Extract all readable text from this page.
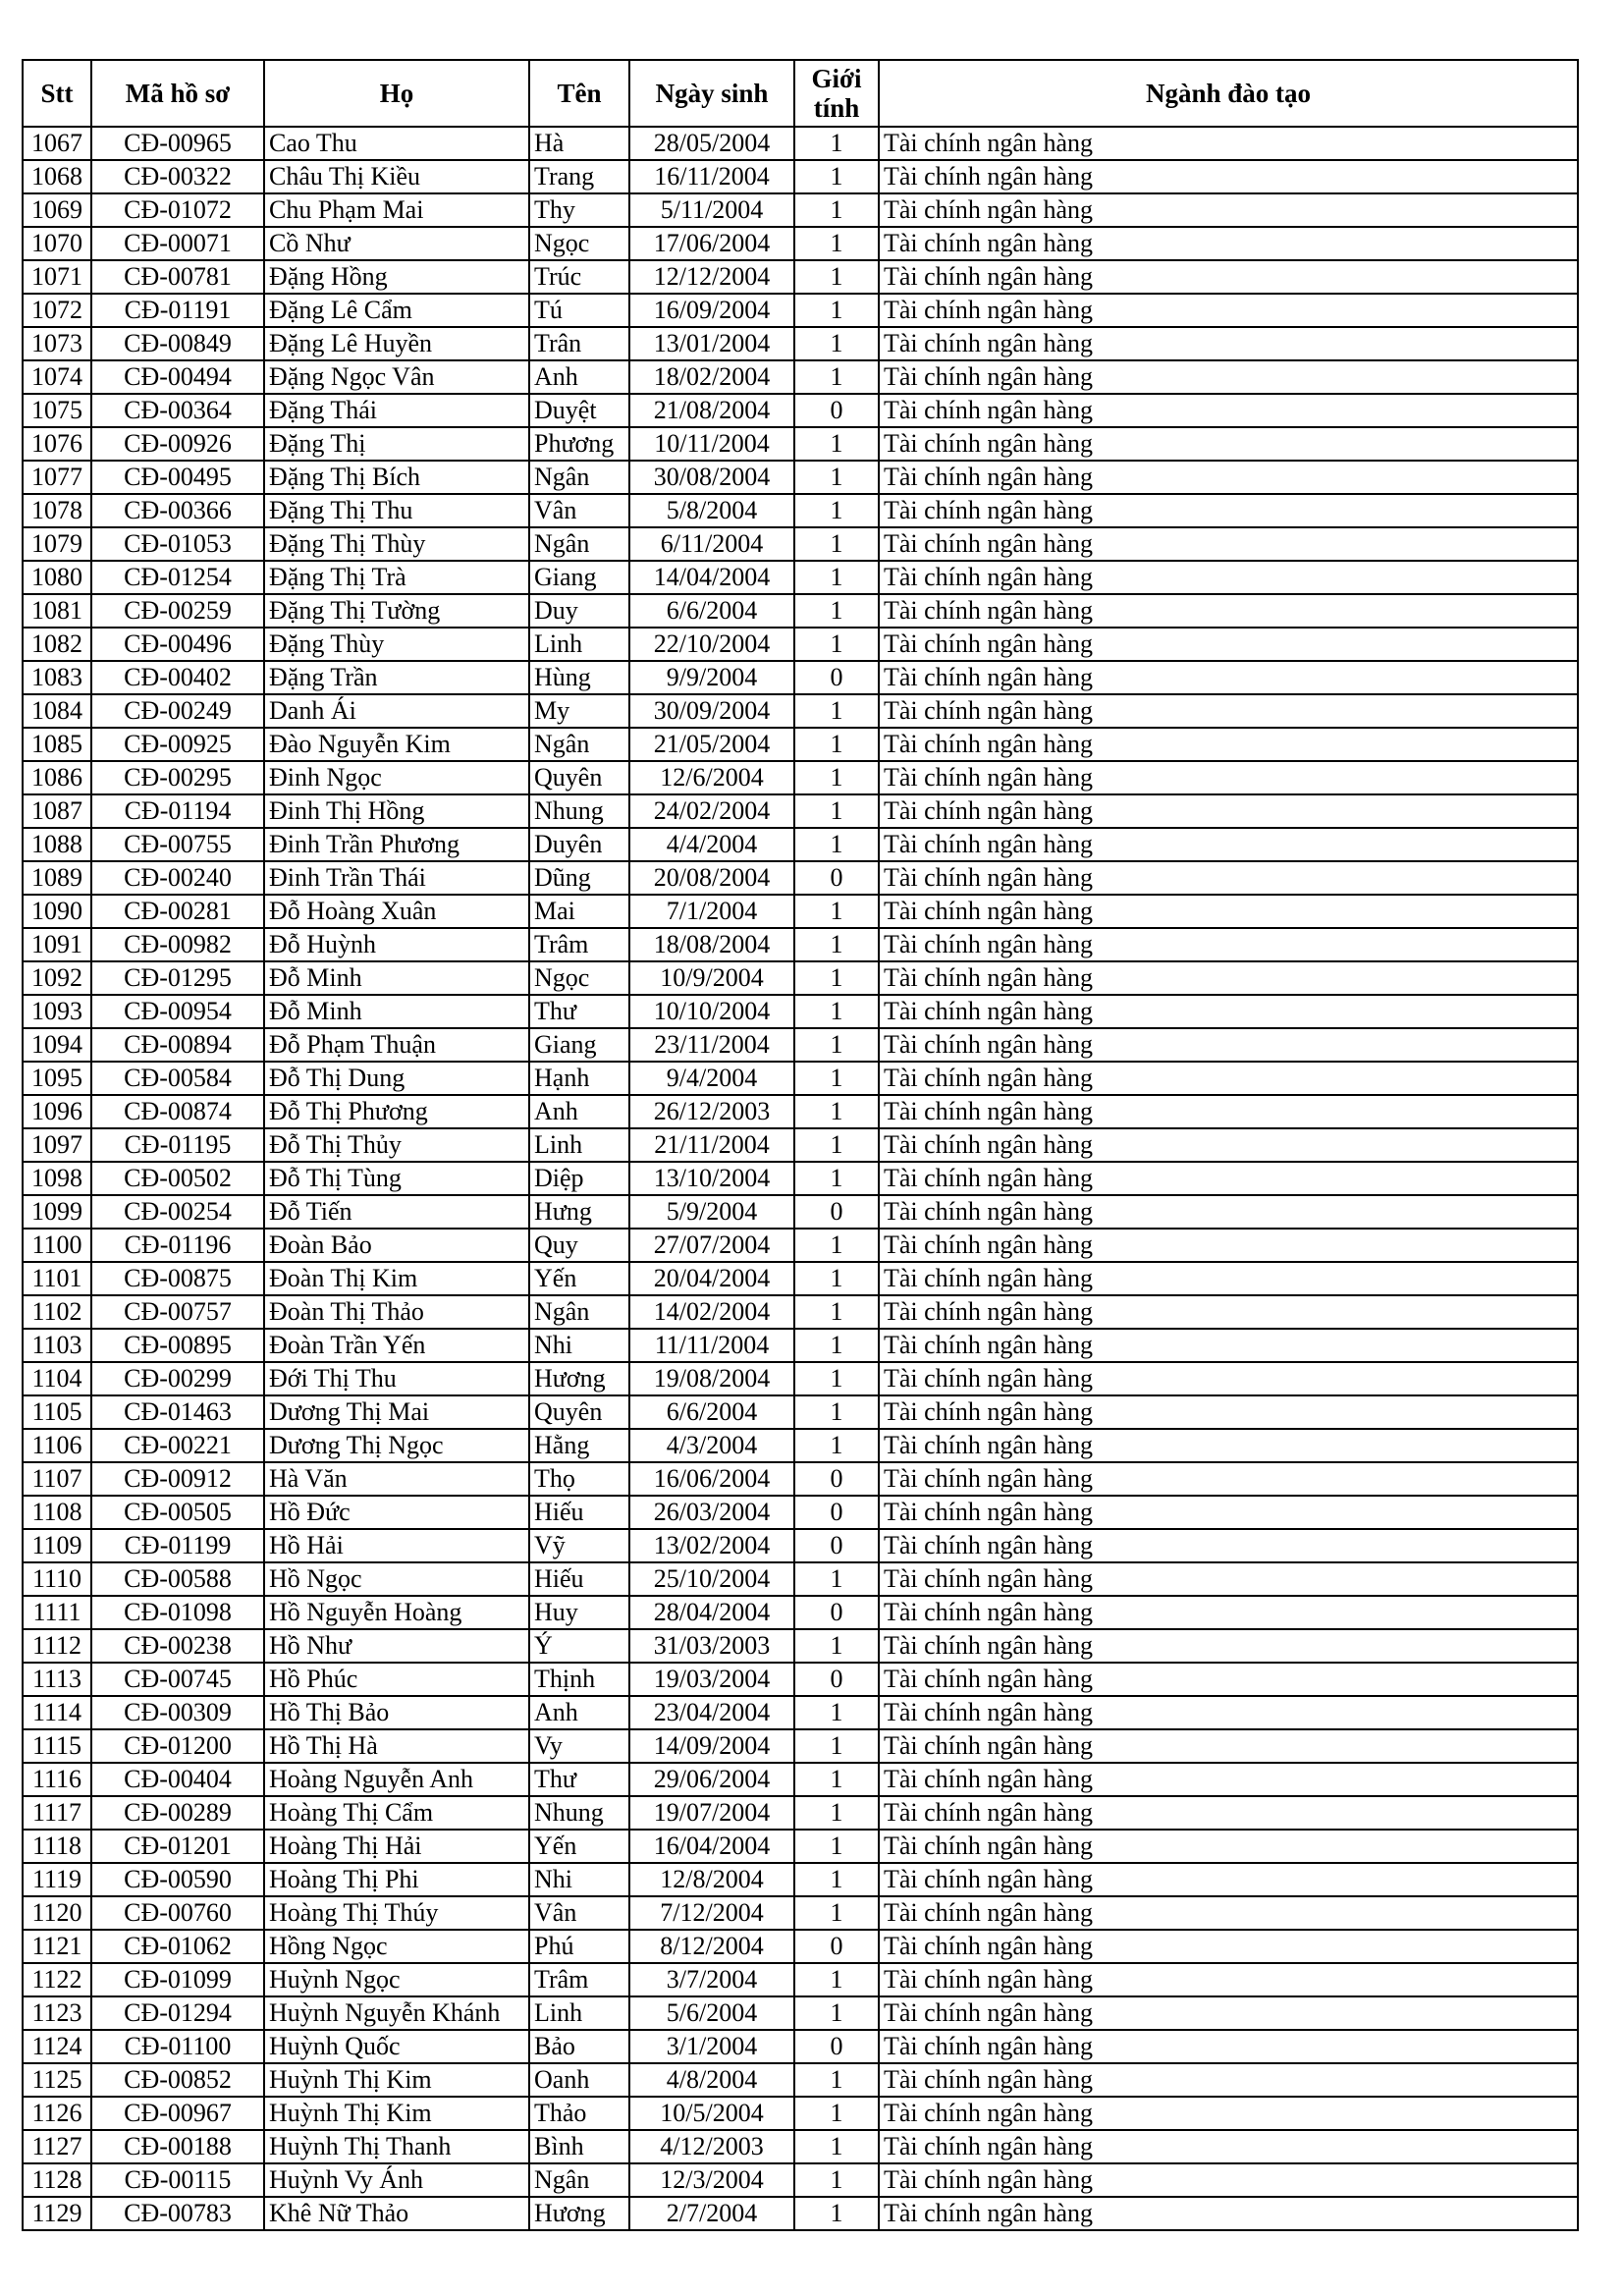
Stt	Mã hồ sơ	Họ	Tên	Ngày sinh	Giới tính	Ngành đào tạo
1067	CĐ-00965	Cao Thu	Hà	28/05/2004	1	Tài chính ngân hàng
1068	CĐ-00322	Châu Thị Kiều	Trang	16/11/2004	1	Tài chính ngân hàng
1069	CĐ-01072	Chu Phạm Mai	Thy	5/11/2004	1	Tài chính ngân hàng
1070	CĐ-00071	Cồ Như	Ngọc	17/06/2004	1	Tài chính ngân hàng
1071	CĐ-00781	Đặng Hồng	Trúc	12/12/2004	1	Tài chính ngân hàng
1072	CĐ-01191	Đặng Lê Cẩm	Tú	16/09/2004	1	Tài chính ngân hàng
1073	CĐ-00849	Đặng Lê Huyền	Trân	13/01/2004	1	Tài chính ngân hàng
1074	CĐ-00494	Đặng Ngọc Vân	Anh	18/02/2004	1	Tài chính ngân hàng
1075	CĐ-00364	Đặng Thái	Duyệt	21/08/2004	0	Tài chính ngân hàng
1076	CĐ-00926	Đặng Thị	Phương	10/11/2004	1	Tài chính ngân hàng
1077	CĐ-00495	Đặng Thị Bích	Ngân	30/08/2004	1	Tài chính ngân hàng
1078	CĐ-00366	Đặng Thị Thu	Vân	5/8/2004	1	Tài chính ngân hàng
1079	CĐ-01053	Đặng Thị Thùy	Ngân	6/11/2004	1	Tài chính ngân hàng
1080	CĐ-01254	Đặng Thị Trà	Giang	14/04/2004	1	Tài chính ngân hàng
1081	CĐ-00259	Đặng Thị Tường	Duy	6/6/2004	1	Tài chính ngân hàng
1082	CĐ-00496	Đặng Thùy	Linh	22/10/2004	1	Tài chính ngân hàng
1083	CĐ-00402	Đặng Trần	Hùng	9/9/2004	0	Tài chính ngân hàng
1084	CĐ-00249	Danh Ái	My	30/09/2004	1	Tài chính ngân hàng
1085	CĐ-00925	Đào Nguyễn Kim	Ngân	21/05/2004	1	Tài chính ngân hàng
1086	CĐ-00295	Đinh Ngọc	Quyên	12/6/2004	1	Tài chính ngân hàng
1087	CĐ-01194	Đinh Thị Hồng	Nhung	24/02/2004	1	Tài chính ngân hàng
1088	CĐ-00755	Đinh Trần Phương	Duyên	4/4/2004	1	Tài chính ngân hàng
1089	CĐ-00240	Đinh Trần Thái	Dũng	20/08/2004	0	Tài chính ngân hàng
1090	CĐ-00281	Đỗ Hoàng Xuân	Mai	7/1/2004	1	Tài chính ngân hàng
1091	CĐ-00982	Đỗ Huỳnh	Trâm	18/08/2004	1	Tài chính ngân hàng
1092	CĐ-01295	Đỗ Minh	Ngọc	10/9/2004	1	Tài chính ngân hàng
1093	CĐ-00954	Đỗ Minh	Thư	10/10/2004	1	Tài chính ngân hàng
1094	CĐ-00894	Đỗ Phạm Thuận	Giang	23/11/2004	1	Tài chính ngân hàng
1095	CĐ-00584	Đỗ Thị Dung	Hạnh	9/4/2004	1	Tài chính ngân hàng
1096	CĐ-00874	Đỗ Thị Phương	Anh	26/12/2003	1	Tài chính ngân hàng
1097	CĐ-01195	Đỗ Thị Thủy	Linh	21/11/2004	1	Tài chính ngân hàng
1098	CĐ-00502	Đỗ Thị Tùng	Diệp	13/10/2004	1	Tài chính ngân hàng
1099	CĐ-00254	Đỗ Tiến	Hưng	5/9/2004	0	Tài chính ngân hàng
1100	CĐ-01196	Đoàn Bảo	Quy	27/07/2004	1	Tài chính ngân hàng
1101	CĐ-00875	Đoàn Thị Kim	Yến	20/04/2004	1	Tài chính ngân hàng
1102	CĐ-00757	Đoàn Thị Thảo	Ngân	14/02/2004	1	Tài chính ngân hàng
1103	CĐ-00895	Đoàn Trần Yến	Nhi	11/11/2004	1	Tài chính ngân hàng
1104	CĐ-00299	Đới Thị Thu	Hương	19/08/2004	1	Tài chính ngân hàng
1105	CĐ-01463	Dương Thị Mai	Quyên	6/6/2004	1	Tài chính ngân hàng
1106	CĐ-00221	Dương Thị Ngọc	Hằng	4/3/2004	1	Tài chính ngân hàng
1107	CĐ-00912	Hà Văn	Thọ	16/06/2004	0	Tài chính ngân hàng
1108	CĐ-00505	Hồ Đức	Hiếu	26/03/2004	0	Tài chính ngân hàng
1109	CĐ-01199	Hồ Hải	Vỹ	13/02/2004	0	Tài chính ngân hàng
1110	CĐ-00588	Hồ Ngọc	Hiếu	25/10/2004	1	Tài chính ngân hàng
1111	CĐ-01098	Hồ Nguyễn Hoàng	Huy	28/04/2004	0	Tài chính ngân hàng
1112	CĐ-00238	Hồ Như	Ý	31/03/2003	1	Tài chính ngân hàng
1113	CĐ-00745	Hồ Phúc	Thịnh	19/03/2004	0	Tài chính ngân hàng
1114	CĐ-00309	Hồ Thị Bảo	Anh	23/04/2004	1	Tài chính ngân hàng
1115	CĐ-01200	Hồ Thị Hà	Vy	14/09/2004	1	Tài chính ngân hàng
1116	CĐ-00404	Hoàng Nguyễn Anh	Thư	29/06/2004	1	Tài chính ngân hàng
1117	CĐ-00289	Hoàng Thị Cẩm	Nhung	19/07/2004	1	Tài chính ngân hàng
1118	CĐ-01201	Hoàng Thị Hải	Yến	16/04/2004	1	Tài chính ngân hàng
1119	CĐ-00590	Hoàng Thị Phi	Nhi	12/8/2004	1	Tài chính ngân hàng
1120	CĐ-00760	Hoàng Thị Thúy	Vân	7/12/2004	1	Tài chính ngân hàng
1121	CĐ-01062	Hồng Ngọc	Phú	8/12/2004	0	Tài chính ngân hàng
1122	CĐ-01099	Huỳnh Ngọc	Trâm	3/7/2004	1	Tài chính ngân hàng
1123	CĐ-01294	Huỳnh Nguyễn Khánh	Linh	5/6/2004	1	Tài chính ngân hàng
1124	CĐ-01100	Huỳnh Quốc	Bảo	3/1/2004	0	Tài chính ngân hàng
1125	CĐ-00852	Huỳnh Thị Kim	Oanh	4/8/2004	1	Tài chính ngân hàng
1126	CĐ-00967	Huỳnh Thị Kim	Thảo	10/5/2004	1	Tài chính ngân hàng
1127	CĐ-00188	Huỳnh Thị Thanh	Bình	4/12/2003	1	Tài chính ngân hàng
1128	CĐ-00115	Huỳnh Vy Ánh	Ngân	12/3/2004	1	Tài chính ngân hàng
1129	CĐ-00783	Khê Nữ Thảo	Hương	2/7/2004	1	Tài chính ngân hàng
